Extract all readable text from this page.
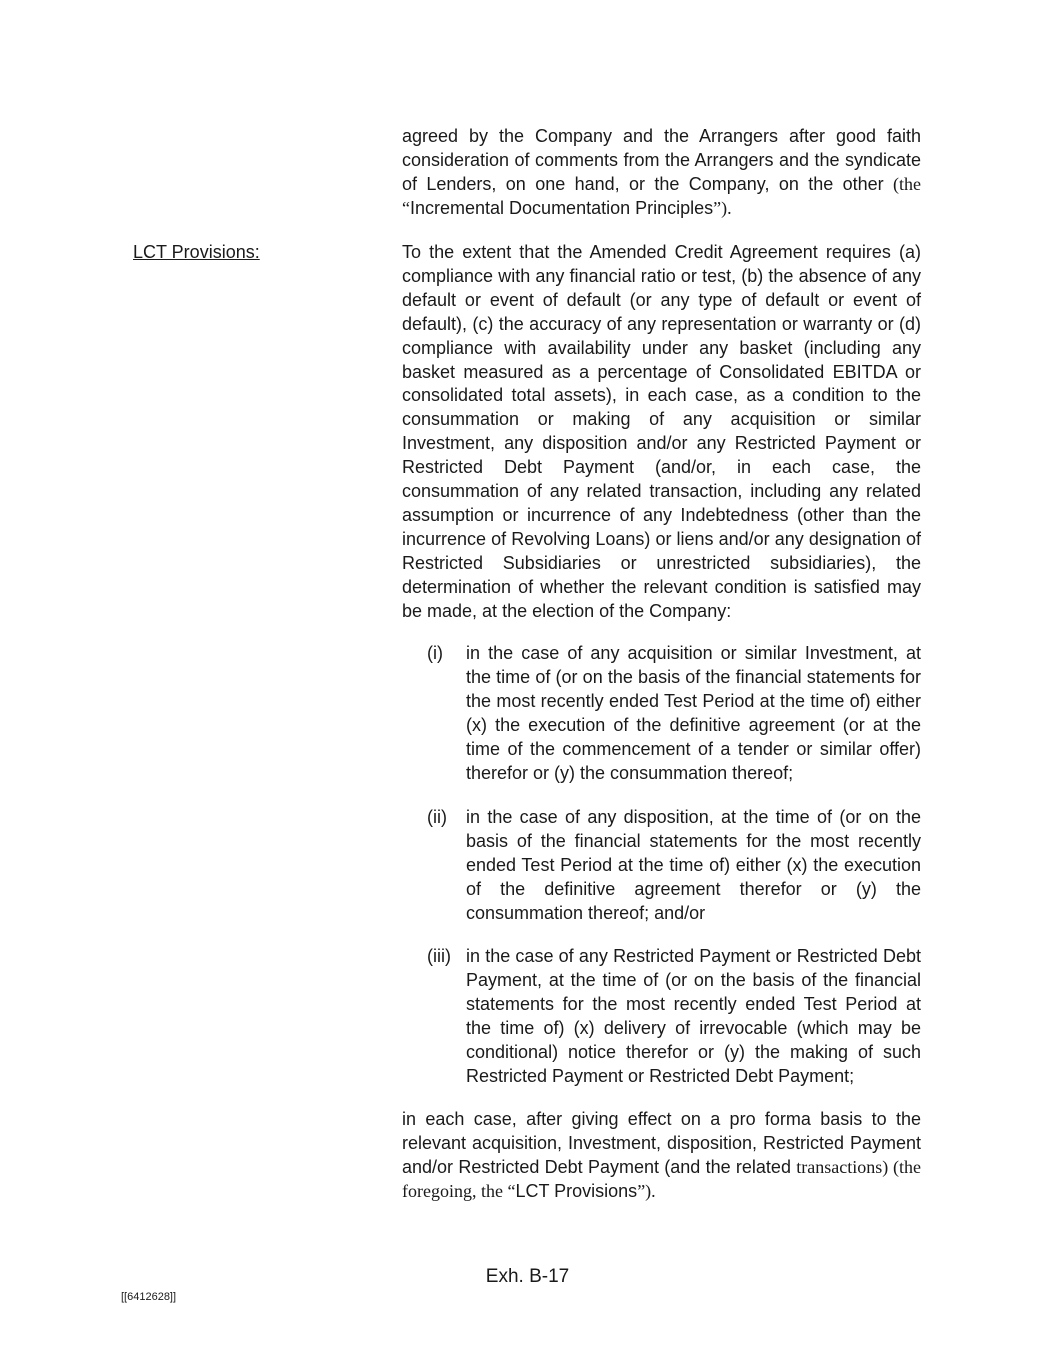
agreed by the Company and the Arrangers after good faith consideration of comments from the Arrangers and the syndicate of Lenders, on one hand, or the Company, on the other (the “Incremental Documentation Principles”).
LCT Provisions:	To the extent that the Amended Credit Agreement requires (a) compliance with any financial ratio or test, (b) the absence of any default or event of default (or any type of default or event of default), (c) the accuracy of any representation or warranty or (d) compliance with availability under any basket (including any basket measured as a percentage of Consolidated EBITDA or consolidated total assets), in each case, as a condition to the consummation or making of any acquisition or similar Investment, any disposition and/or any Restricted Payment or Restricted Debt Payment (and/or, in each case, the consummation of any related transaction, including any related assumption or incurrence of any Indebtedness (other than the incurrence of Revolving Loans) or liens and/or any designation of Restricted Subsidiaries or unrestricted subsidiaries), the determination of whether the relevant condition is satisfied may be made, at the election of the Company:
(i) in the case of any acquisition or similar Investment, at the time of (or on the basis of the financial statements for the most recently ended Test Period at the time of) either (x) the execution of the definitive agreement (or at the time of the commencement of a tender or similar offer) therefor or (y) the consummation thereof;
(ii) in the case of any disposition, at the time of (or on the basis of the financial statements for the most recently ended Test Period at the time of) either (x) the execution of the definitive agreement therefor or (y) the consummation thereof; and/or
(iii) in the case of any Restricted Payment or Restricted Debt Payment, at the time of (or on the basis of the financial statements for the most recently ended Test Period at the time of) (x) delivery of irrevocable (which may be conditional) notice therefor or (y) the making of such Restricted Payment or Restricted Debt Payment;
in each case, after giving effect on a pro forma basis to the relevant acquisition, Investment, disposition, Restricted Payment and/or Restricted Debt Payment (and the related transactions) (the foregoing, the “LCT Provisions”).
Exh. B-17
[[6412628]]
